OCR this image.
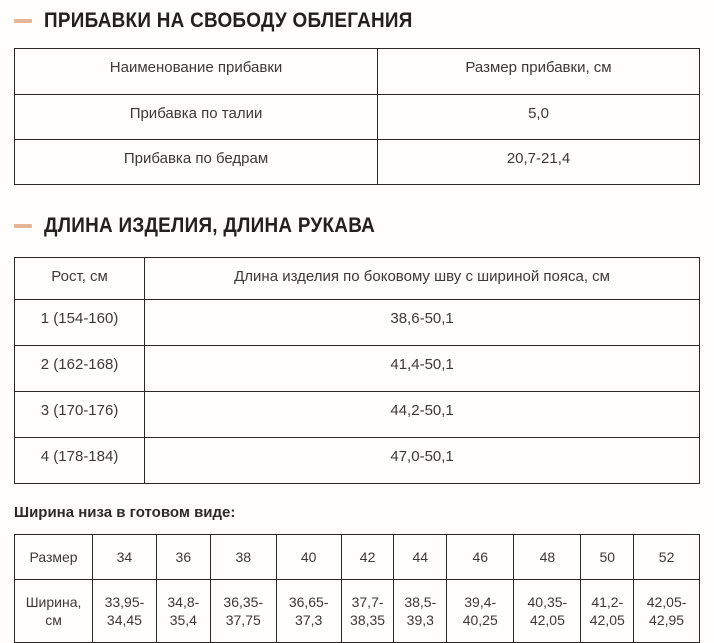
ПРИБАВКИ НА СВОБОДУ ОБЛЕГАНИЯ
Наименование прибавки	Размер прибавки, см
Прибавка по талии	5,0
Прибавка по бедрам	20,7-21,4
ДЛИНА ИЗДЕЛИЯ, ДЛИНА РУКАВА
Рост, см	Длина изделия по боковому шву с шириной пояса, см
1 (154-160)	38,6-50,1
2 (162-168)	41,4-50,1
3 (170-176)	44,2-50,1
4 (178-184)	47,0-50,1

Ширина низа в готовом виде:

Размер	34	36	38	40	42	44	46	48	50	52
Ширина, см	33,95-34,45	34,8-35,4	36,35-37,75	36,65-37,3	37,7-38,35	38,5-39,3	39,4-40,25	40,35-42,05	41,2-42,05	42,05-42,95
